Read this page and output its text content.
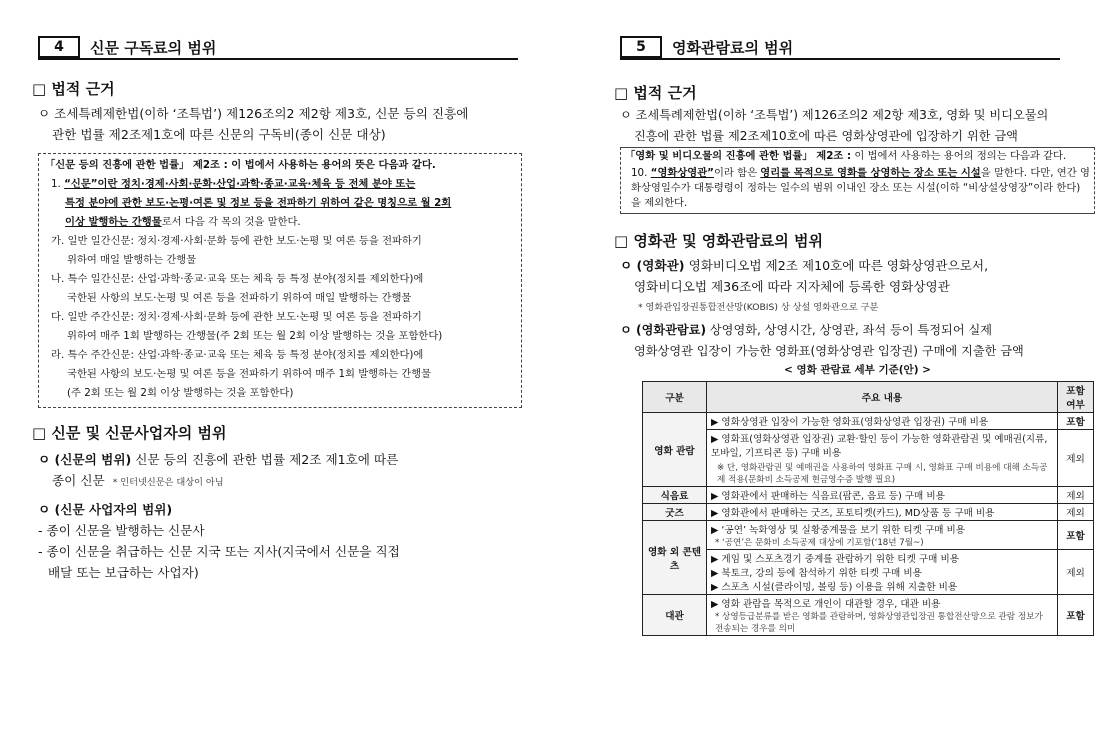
4	신문 구독료의 범위

□ 법적 근거

ㅇ 조세특례제한법(이하 ‘조특법’) 제126조의2 제2항 제3호, 신문 등의 진흥에

관한 법률 제2조제1호에 따른 신문의 구독비(종이 신문 대상)

「신문 등의 진흥에 관한 법률」 제2조 : 이 법에서 사용하는 용어의 뜻은 다음과 같다.

1. “신문”이란 정치·경제·사회·문화·산업·과학·종교·교육·체육 등 전체 분야 또는

특정 분야에 관한 보도·논평·여론 및 정보 등을 전파하기 위하여 같은 명칭으로 월 2회

이상 발행하는 간행물로서 다음 각 목의 것을 말한다.

가. 일반 일간신문: 정치·경제·사회·문화 등에 관한 보도·논평 및 여론 등을 전파하기

위하여 매일 발행하는 간행물

나. 특수 일간신문: 산업·과학·종교·교육 또는 체육 등 특정 분야(정치를 제외한다)에

국한된 사항의 보도·논평 및 여론 등을 전파하기 위하여 매일 발행하는 간행물

다. 일반 주간신문: 정치·경제·사회·문화 등에 관한 보도·논평 및 여론 등을 전파하기

위하여 매주 1회 발행하는 간행물(주 2회 또는 월 2회 이상 발행하는 것을 포함한다)

라. 특수 주간신문: 산업·과학·종교·교육 또는 체육 등 특정 분야(정치를 제외한다)에

국한된 사항의 보도·논평 및 여론 등을 전파하기 위하여 매주 1회 발행하는 간행물

(주 2회 또는 월 2회 이상 발행하는 것을 포함한다)

□ 신문 및 신문사업자의 범위

ㅇ (신문의 범위) 신문 등의 진흥에 관한 법률 제2조 제1호에 따른

종이 신문 * 인터넷신문은 대상이 아님

ㅇ (신문 사업자의 범위)

- 종이 신문을 발행하는 신문사

- 종이 신문을 취급하는 신문 지국 또는 지사(지국에서 신문을 직접

배달 또는 보급하는 사업자)

5	영화관람료의 범위

□ 법적 근거

ㅇ 조세특례제한법(이하 ‘조특법’) 제126조의2 제2항 제3호, 영화 및 비디오물의

진흥에 관한 법률 제2조제10호에 따른 영화상영관에 입장하기 위한 금액

「영화 및 비디오물의 진흥에 관한 법률」 제2조 : 이 법에서 사용하는 용어의 정의는 다음과 같다.

10. “영화상영관”이라 함은 영리를 목적으로 영화를 상영하는 장소 또는 시설을 말한다. 다만, 연간 영화상영일수가 대통령령이 정하는 일수의 범위 이내인 장소 또는 시설(이하 “비상설상영장”이라 한다)을 제외한다.

□ 영화관 및 영화관람료의 범위

ㅇ (영화관) 영화비디오법 제2조 제10호에 따른 영화상영관으로서,

영화비디오법 제36조에 따라 지자체에 등록한 영화상영관

* 영화관입장권통합전산망(KOBIS) 상 상설 영화관으로 구분

ㅇ (영화관람료) 상영영화, 상영시간, 상영관, 좌석 등이 특정되어 실제

영화상영관 입장이 가능한 영화표(영화상영관 입장권) 구매에 지출한 금액

< 영화 관람료 세부 기준(안) >

구분	주요 내용	포함 여부
영화 관람	▶ 영화상영관 입장이 가능한 영화표(영화상영관 입장권) 구매 비용	포함

	▶ 영화표(영화상영관 입장권) 교환·할인 등이 가능한 영화관람권 및 예매권(지류, 모바일, 기프티콘 등) 구매 비용
※ 단, 영화관람권 및 예매권을 사용하여 영화표 구매 시, 영화표 구매 비용에 대해 소득공제 적용(문화비 소득공제 현금영수증 발행 필요)	제외
식음료	▶ 영화관에서 판매하는 식음료(팝콘, 음료 등) 구매 비용	제외
굿즈	▶ 영화관에서 판매하는 굿즈, 포토티켓(카드), MD상품 등 구매 비용	제외
영화 외 콘텐츠	▶ ‘공연’ 녹화영상 및 실황중계물을 보기 위한 티켓 구매 비용
* ‘공연’은 문화비 소득공제 대상에 기포함(‘18년 7월~)	포함

	▶ 게임 및 스포츠경기 중계를 관람하기 위한 티켓 구매 비용
▶ 북토크, 강의 등에 참석하기 위한 티켓 구매 비용
▶ 스포츠 시설(클라이밍, 볼링 등) 이용을 위해 지출한 비용	제외
대관	▶ 영화 관람을 목적으로 개인이 대관할 경우, 대관 비용
* 상영등급분류를 받은 영화를 관람하며, 영화상영관입장권 통합전산망으로 관람 정보가 전송되는 경우를 의미	포함
